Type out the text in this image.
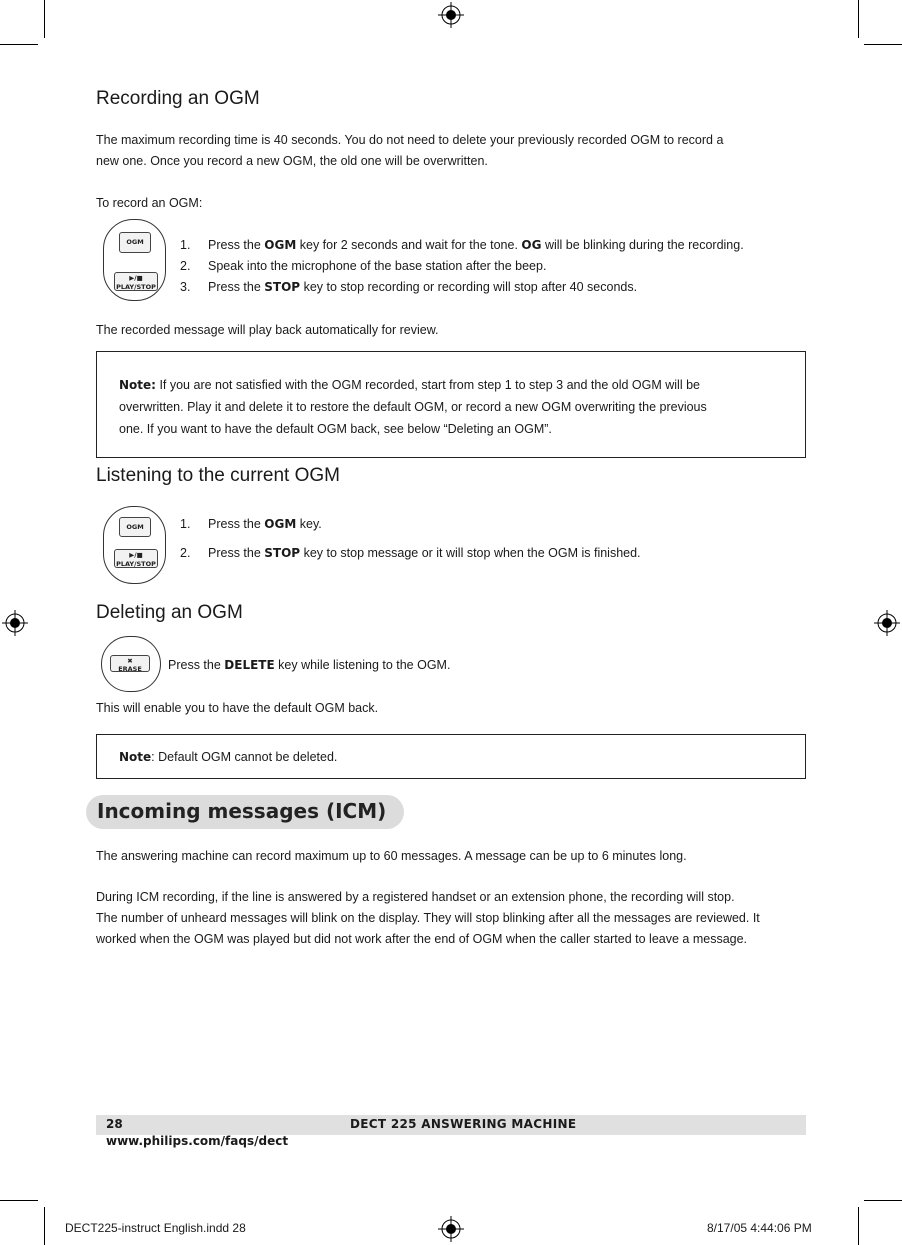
Recording an OGM

The maximum recording time is 40 seconds. You do not need to delete your previously recorded OGM to record a
new one. Once you record a new OGM, the old one will be overwritten.

To record an OGM:

OGM
▶/■
PLAY/STOP
1.	Press the OGM key for 2 seconds and wait for the tone. OG will be blinking during the recording.
2.	Speak into the microphone of the base station after the beep.
3.	Press the STOP key to stop recording or recording will stop after 40 seconds.

The recorded message will play back automatically for review.

Note: If you are not satisfied with the OGM recorded, start from step 1 to step 3 and the old OGM will be

overwritten. Play it and delete it to restore the default OGM, or record a new OGM overwriting the previous

one. If you want to have the default OGM back, see below “Deleting an OGM”.

Listening to the current OGM
OGM
▶/■
PLAY/STOP
1.	Press the OGM key.
2.	Press the STOP key to stop message or it will stop when the OGM is finished.
Deleting an OGM
✖
ERASE	Press the DELETE key while listening to the OGM.

This will enable you to have the default OGM back.

Note: Default OGM cannot be deleted.

Incoming messages (ICM)

The answering machine can record maximum up to 60 messages. A message can be up to 6 minutes long.

During ICM recording, if the line is answered by a registered handset or an extension phone, the recording will stop.
The number of unheard messages will blink on the display. They will stop blinking after all the messages are reviewed. It
worked when the OGM was played but did not work after the end of OGM when the caller started to leave a message.

28	DECT 225 ANSWERING MACHINE
www.philips.com/faqs/dect
DECT225-instruct English.indd 28	8/17/05 4:44:06 PM
